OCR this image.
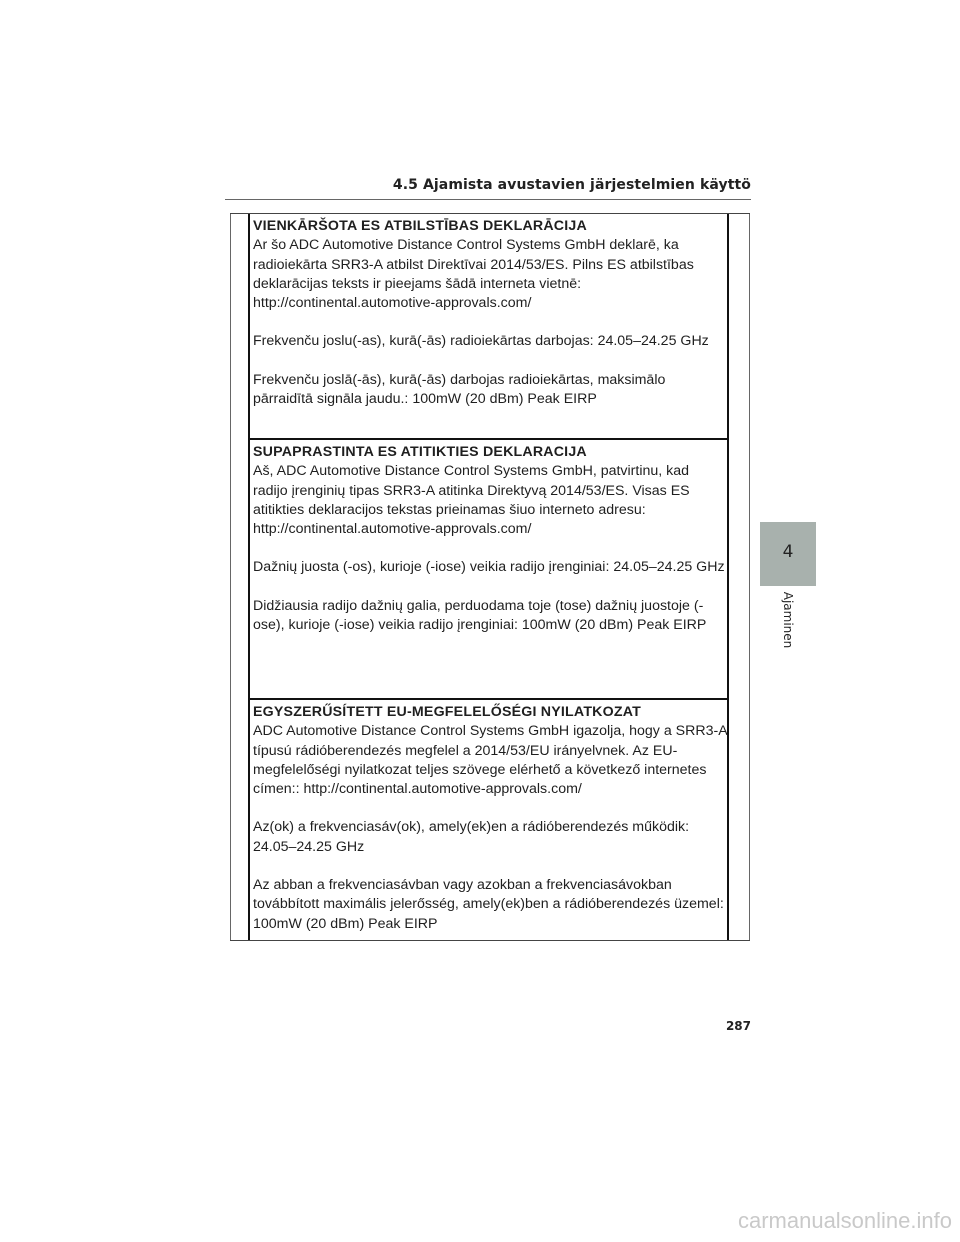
4.5 Ajamista avustavien järjestelmien käyttö
VIENKĀRŠOTA ES ATBILSTĪBAS DEKLARĀCIJA

Ar šo ADC Automotive Distance Control Systems GmbH deklarē, ka radioiekārta SRR3-A atbilst Direktīvai 2014/53/ES. Pilns ES atbilstības deklarācijas teksts ir pieejams šādā interneta vietnē: http://continental.automotive-approvals.com/

Frekvenču joslu(-as), kurā(-ās) radioiekārtas darbojas: 24.05–24.25 GHz

Frekvenču joslā(-ās), kurā(-ās) darbojas radioiekārtas, maksimālo pārraidītā signāla jaudu.: 100mW (20 dBm) Peak EIRP

SUPAPRASTINTA ES ATITIKTIES DEKLARACIJA

Aš, ADC Automotive Distance Control Systems GmbH, patvirtinu, kad radijo įrenginių tipas SRR3-A atitinka Direktyvą 2014/53/ES. Visas ES atitikties deklaracijos tekstas prieinamas šiuo interneto adresu: http://continental.automotive-approvals.com/

Dažnių juosta (-os), kurioje (-iose) veikia radijo įrenginiai: 24.05–24.25 GHz

Didžiausia radijo dažnių galia, perduodama toje (tose) dažnių juostoje (-ose), kurioje (-iose) veikia radijo įrenginiai: 100mW (20 dBm) Peak EIRP

EGYSZERŰSÍTETT EU-MEGFELELŐSÉGI NYILATKOZAT

ADC Automotive Distance Control Systems GmbH igazolja, hogy a SRR3-A típusú rádióberendezés megfelel a 2014/53/EU irányelvnek. Az EU-megfelelőségi nyilatkozat teljes szövege elérhető a következő internetes címen:: http://continental.automotive-approvals.com/

Az(ok) a frekvenciasáv(ok), amely(ek)en a rádióberendezés működik: 24.05–24.25 GHz

Az abban a frekvenciasávban vagy azokban a frekvenciasávokban továbbított maximális jelerősség, amely(ek)ben a rádióberendezés üzemel: 100mW (20 dBm) Peak EIRP

4
Ajaminen
287
carmanualsonline.info
